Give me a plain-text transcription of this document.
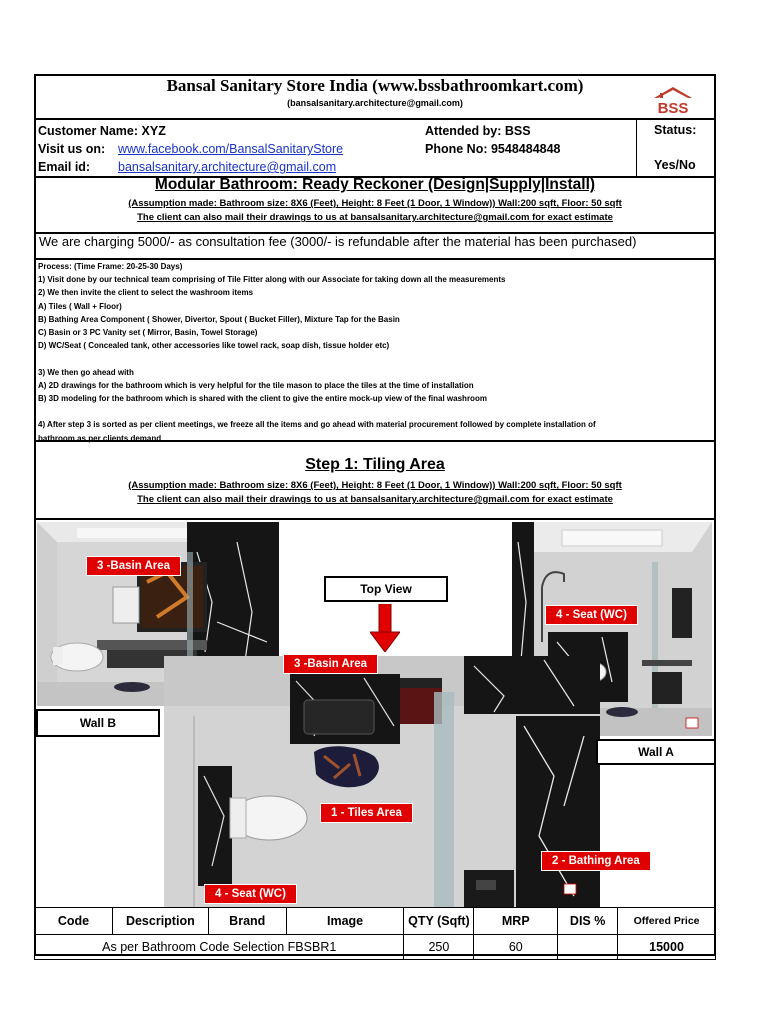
Bansal Sanitary Store India (www.bssbathroomkart.com)
(bansalsanitary.architecture@gmail.com)	BSS
Customer Name: XYZ
Visit us on: www.facebook.com/BansalSanitaryStore
Email id: bansalsanitary.architecture@gmail.com
Attended by: BSS
Phone No: 9548484848
Status:
Yes/No
Modular Bathroom: Ready Reckoner (Design|Supply|Install)
(Assumption made: Bathroom size: 8X6 (Feet), Height: 8 Feet (1 Door, 1 Window)) Wall:200 sqft, Floor: 50 sqft
The client can also mail their drawings to us at bansalsanitary.architecture@gmail.com for exact estimate
We are charging 5000/- as consultation fee (3000/- is refundable after the material has been purchased)
Process: (Time Frame: 20-25-30 Days)
1) Visit done by our technical team comprising of Tile Fitter along with our Associate for taking down all the measurements
2) We then invite the client to select the washroom items
A) Tiles ( Wall + Floor)
B) Bathing Area Component ( Shower, Divertor, Spout ( Bucket Filler), Mixture Tap for the Basin
C) Basin or 3 PC Vanity set ( Mirror, Basin, Towel Storage)
D) WC/Seat ( Concealed tank, other accessories like towel rack, soap dish, tissue holder etc)
3) We then go ahead with
A) 2D drawings for the bathroom which is very helpful for the tile mason to place the tiles at the time of installation
B) 3D modeling for the bathroom which is shared with the client to give the entire mock-up view of the final washroom
4) After step 3 is sorted as per client meetings, we freeze all the items and go ahead with material procurement followed by complete installation of
bathroom as per clients demand
Step 1: Tiling Area
(Assumption made: Bathroom size: 8X6 (Feet), Height: 8 Feet (1 Door, 1 Window)) Wall:200 sqft, Floor: 50 sqft
The client can also mail their drawings to us at bansalsanitary.architecture@gmail.com for exact estimate
3 -Basin Area
Top View
3 -Basin Area
4 - Seat (WC)
Wall B
Wall A
1 - Tiles Area
2 - Bathing Area
4 - Seat (WC)
Code	Description	Brand	Image	QTY (Sqft)	MRP	DIS %	Offered Price
As per Bathroom Code Selection FBSBR1				250	60		15000
